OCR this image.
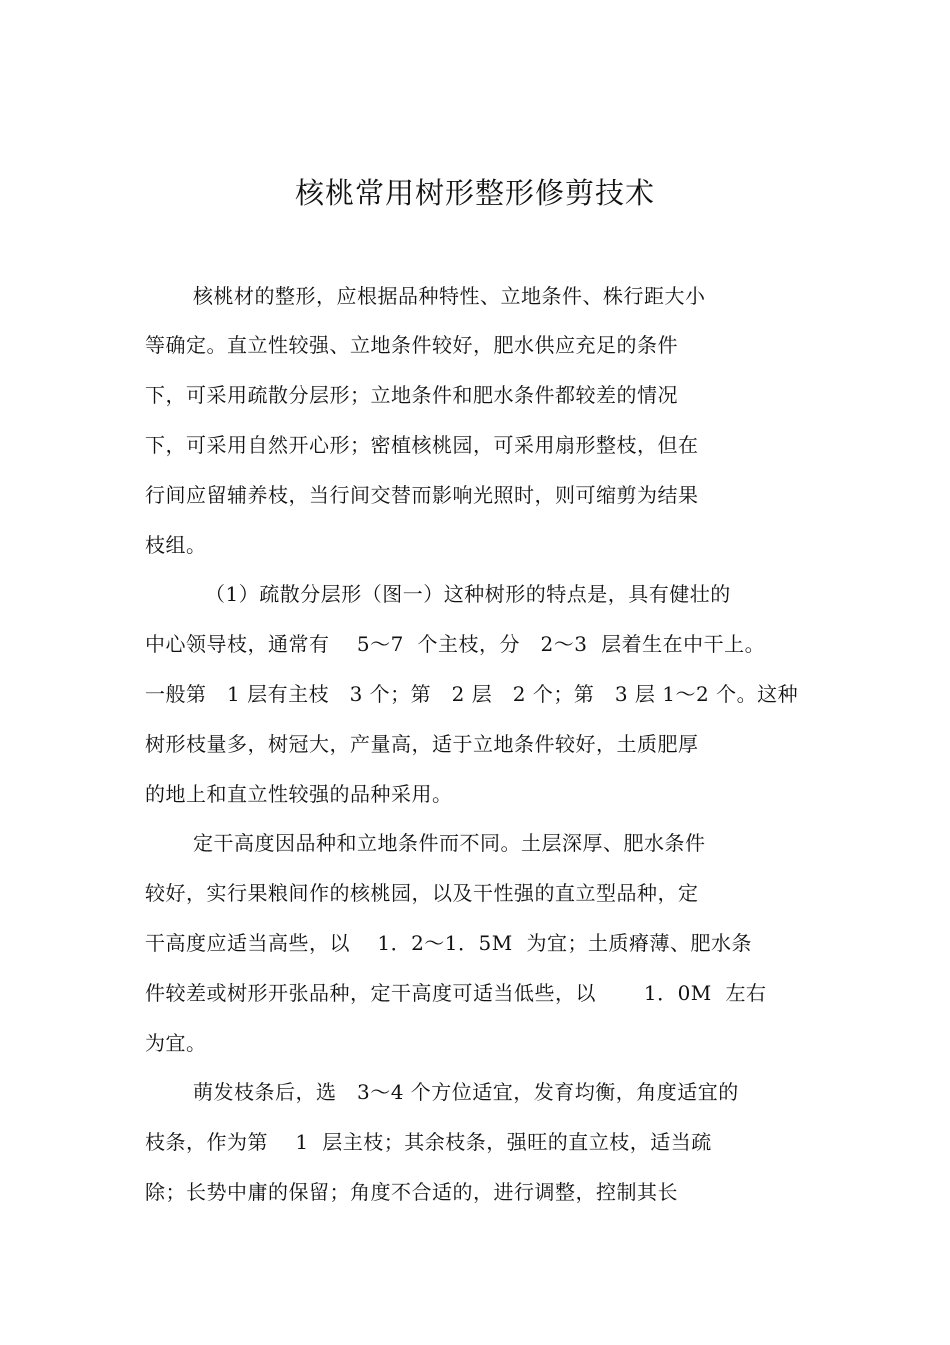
核桃常用树形整形修剪技术
核桃材的整形，应根据品种特性、立地条件、株行距大小
等确定。直立性较强、立地条件较好，肥水供应充足的条件
下，可采用疏散分层形；立地条件和肥水条件都较差的情况
下，可采用自然开心形；密植核桃园，可采用扇形整枝，但在
行间应留辅养枝，当行间交替而影响光照时，则可缩剪为结果
枝组。
（1）疏散分层形（图一）这种树形的特点是，具有健壮的
中心领导枝，通常有　 5～7  个主枝，分　2～3  层着生在中干上。
一般第　1 层有主枝　3 个；第　2 层　2 个；第　3 层 1～2 个。这种
树形枝量多，树冠大，产量高，适于立地条件较好，土质肥厚
的地上和直立性较强的品种采用。
定干高度因品种和立地条件而不同。土层深厚、肥水条件
较好，实行果粮间作的核桃园，以及干性强的直立型品种，定
干高度应适当高些，以　 1．2～1．5M  为宜；土质瘠薄、肥水条
件较差或树形开张品种，定干高度可适当低些，以　　 1．0M  左右
为宜。
萌发枝条后，选　3～4 个方位适宜，发育均衡，角度适宜的
枝条，作为第　 1  层主枝；其余枝条，强旺的直立枝，适当疏
除；长势中庸的保留；角度不合适的，进行调整，控制其长
